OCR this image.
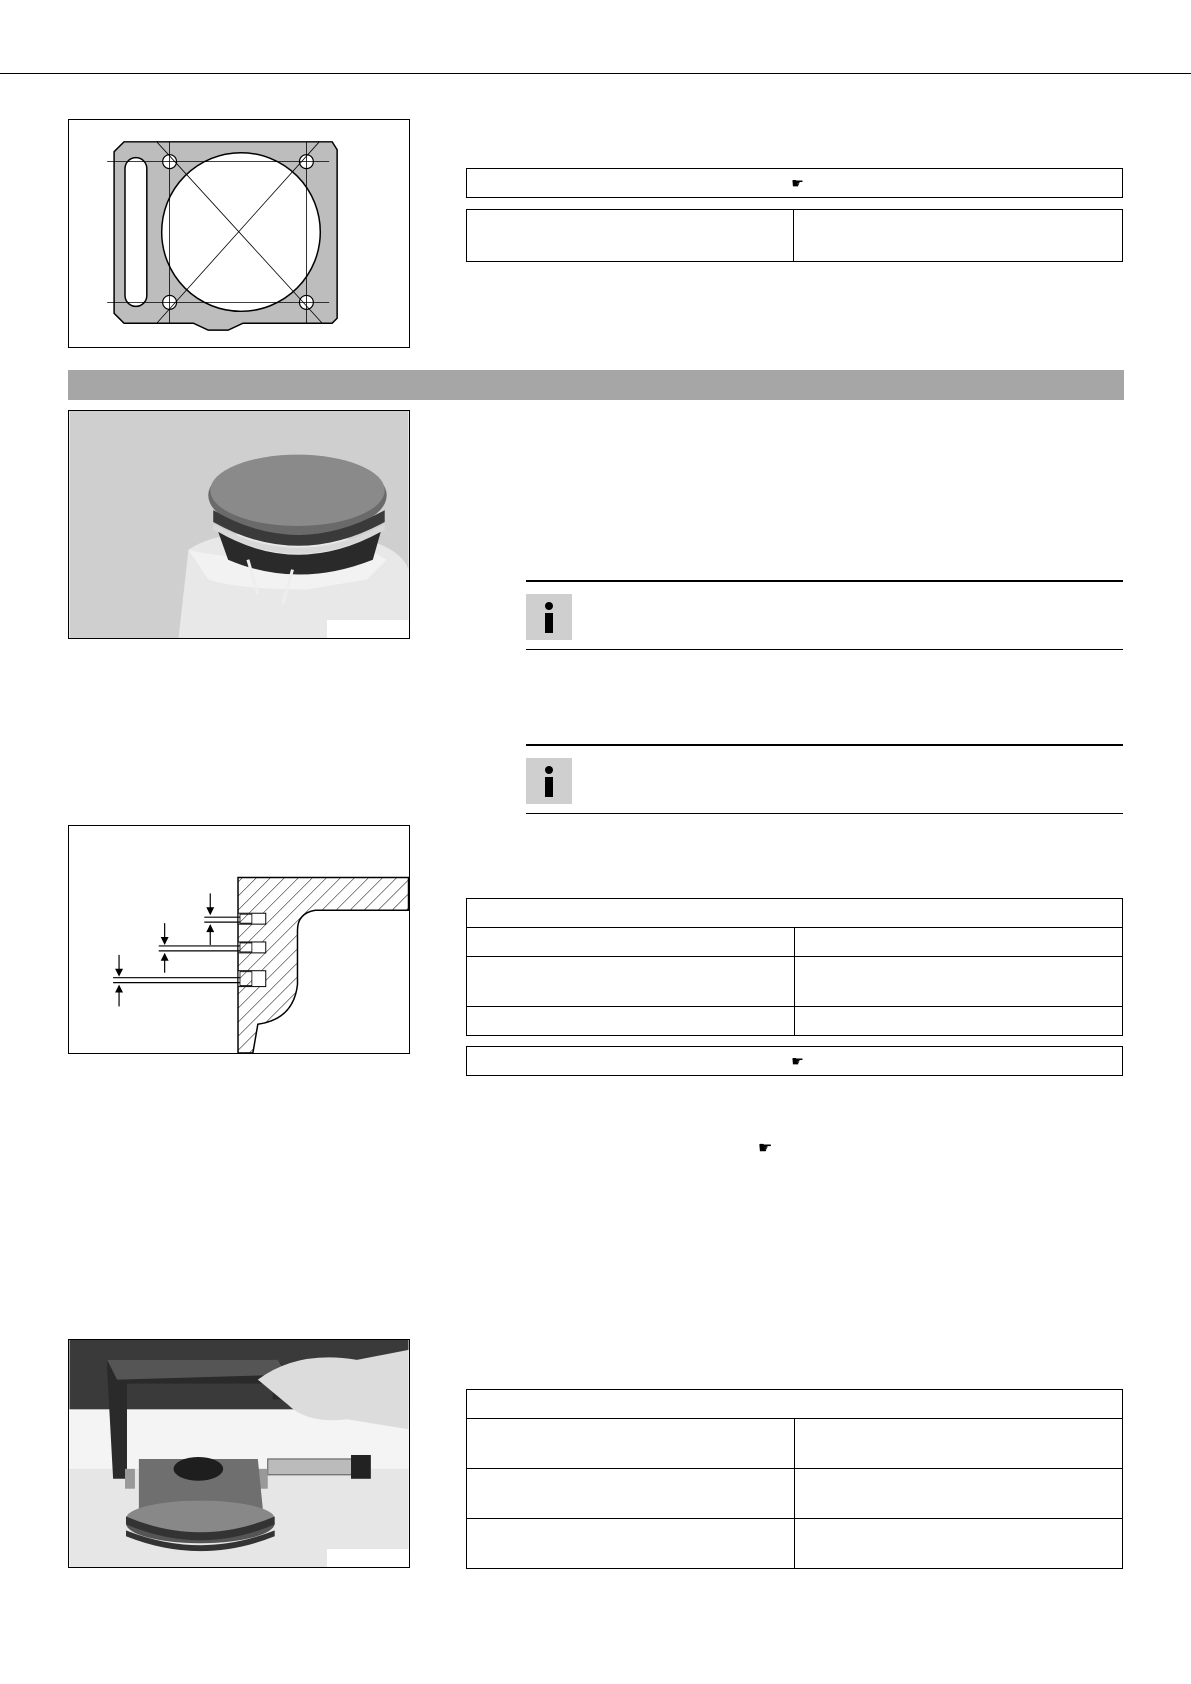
☛

☛
☛
